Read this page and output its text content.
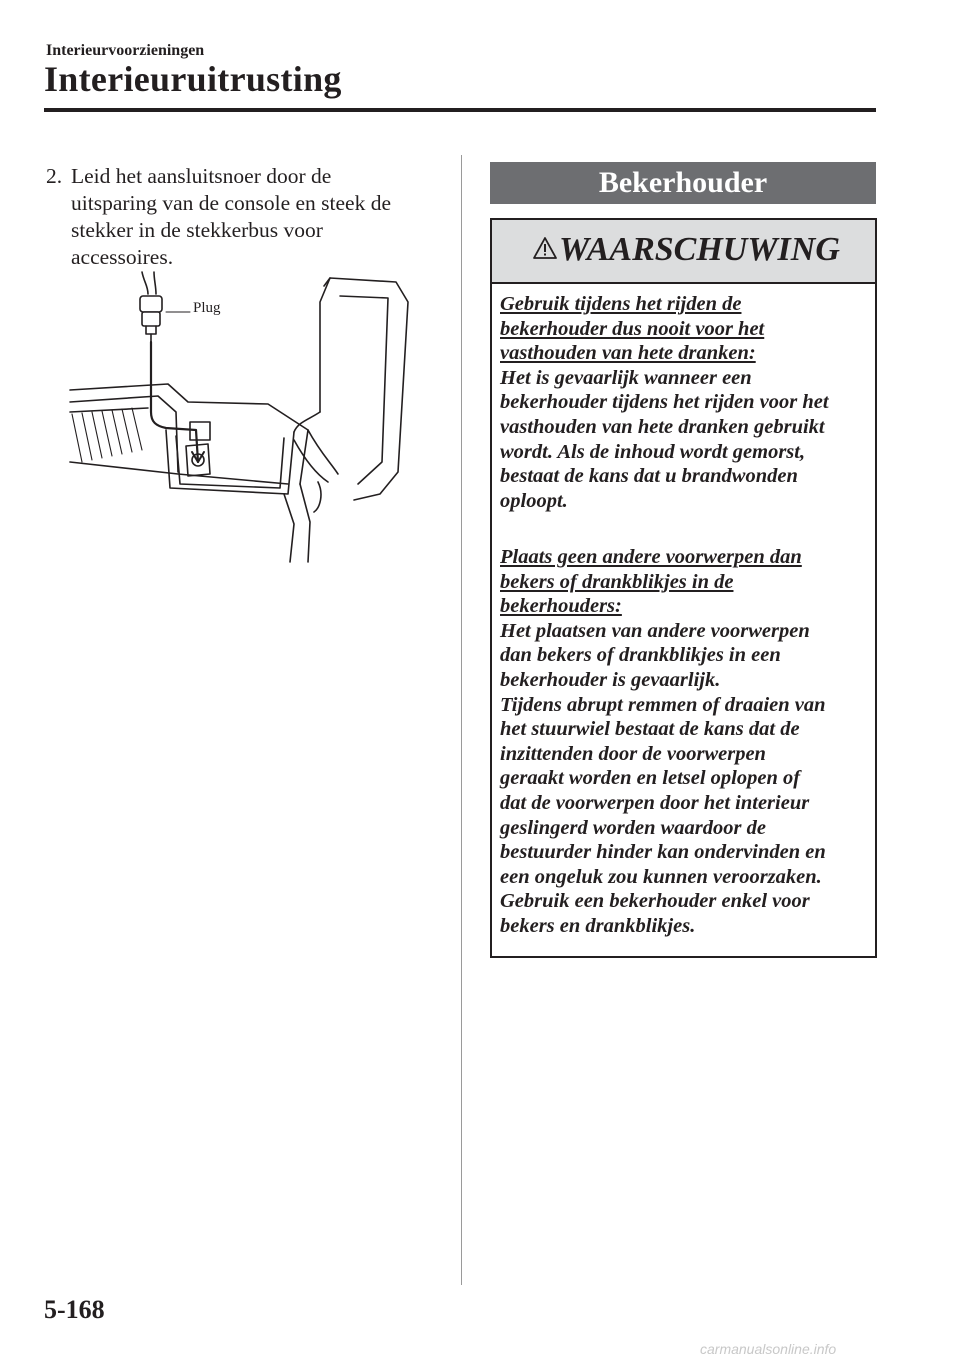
Interieurvoorzieningen
Interieuruitrusting
2. Leid het aansluitsnoer door de
uitsparing van de console en steek de
stekker in de stekkerbus voor
accessoires.
Plug
Bekerhouder
WAARSCHUWING
Gebruik tijdens het rijden de
bekerhouder dus nooit voor het
vasthouden van hete dranken:
Het is gevaarlijk wanneer een
bekerhouder tijdens het rijden voor het
vasthouden van hete dranken gebruikt
wordt. Als de inhoud wordt gemorst,
bestaat de kans dat u brandwonden
oploopt.
Plaats geen andere voorwerpen dan
bekers of drankblikjes in de
bekerhouders:
Het plaatsen van andere voorwerpen
dan bekers of drankblikjes in een
bekerhouder is gevaarlijk.
Tijdens abrupt remmen of draaien van
het stuurwiel bestaat de kans dat de
inzittenden door de voorwerpen
geraakt worden en letsel oplopen of
dat de voorwerpen door het interieur
geslingerd worden waardoor de
bestuurder hinder kan ondervinden en
een ongeluk zou kunnen veroorzaken.
Gebruik een bekerhouder enkel voor
bekers en drankblikjes.
5-168
carmanualsonline.info
